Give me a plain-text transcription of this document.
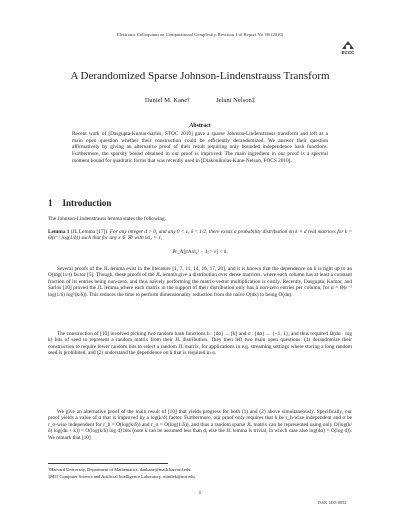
Electronic Colloquium on Computational Complexity, Revision 1 of Report No. 98 (2010)
ECCC
A Derandomized Sparse Johnson-Lindenstrauss Transform
Daniel M. Kane†	Jelani Nelson‡
Abstract
Recent work of [Dasgupta-Kumar-Sarlós, STOC 2010] gave a sparse Johnson-Lindenstrauss transform and left as a main open question whether their construction could be efficiently derandomized. We answer their question affirmatively by giving an alternative proof of their result requiring only bounded independence hash functions. Furthermore, the sparsity bound obtained in our proof is improved. The main ingredient in our proof is a spectral moment bound for quadratic forms that was recently used in [Diakonikolas-Kane-Nelson, FOCS 2010].
1 Introduction
The Johnson-Lindenstrauss lemma states the following.
Lemma 1 (JL Lemma [17]). For any integer d > 0, and any 0 < ε, δ < 1/2, there exists a probability distribution on k × d real matrices for k = Θ(ε⁻² log(1/δ)) such that for any x ∈ ℝᵈ with ‖x‖₂ = 1,
Pr_A[|‖Ax‖₂² − 1| > ε] < δ.
Several proofs of the JL lemma exist in the literature [1, 7, 11, 14, 16, 17, 20], and it is known that the dependence on k is tight up to an O(log(1/ε)) factor [5]. Though, these proofs of the JL lemma give a distribution over dense matrices, where each column has at least a constant fraction of its entries being non-zero, and thus naïvely performing the matrix-vector multiplication is costly. Recently, Dasgupta, Kumar, and Sarlós [10] proved the JL lemma where each matrix in the support of their distribution only has α non-zero entries per column, for α = Θ(ε⁻¹ log(1/δ) log²(k/δ)). This reduces the time to perform dimensionality reduction from the naïve O(dk) to being O(dα).
The construction of [10] involved picking two random hash functions h : [dα] → [k] and σ : [dα] → {−1, 1}, and thus required Ω(dα · log k) bits of seed to represent a random matrix from their JL distribution. They then left two main open questions: (1) derandomize their construction to require fewer random bits to select a random JL matrix, for applications in e.g. streaming settings where storing a long random seed is prohibited, and (2) understand the dependence on δ that is required in α.
We give an alternative proof of the main result of [10] that yields progress for both (1) and (2) above simultaneously. Specifically, our proof yields a value of α that is improved by a log(k/δ) factor. Furthermore, our proof only requires that h be r_h-wise independent and σ be r_σ-wise independent for r_h = O(log(k/δ)) and r_σ = O(log(1/δ)), and thus a random sparse JL matrix can be represented using only O(log(k/δ) log(dα + k)) = O(log(k/δ) log d) bits (note k can be assumed less than d, else the JL lemma is trivial, in which case also log(dα) = O(log d)). We remark that [10]
†Harvard University, Department of Mathematics. dankane@math.harvard.edu.
‡MIT Computer Science and Artificial Intelligence Laboratory. minilek@mit.edu.
1
ISSN 1433-8092
